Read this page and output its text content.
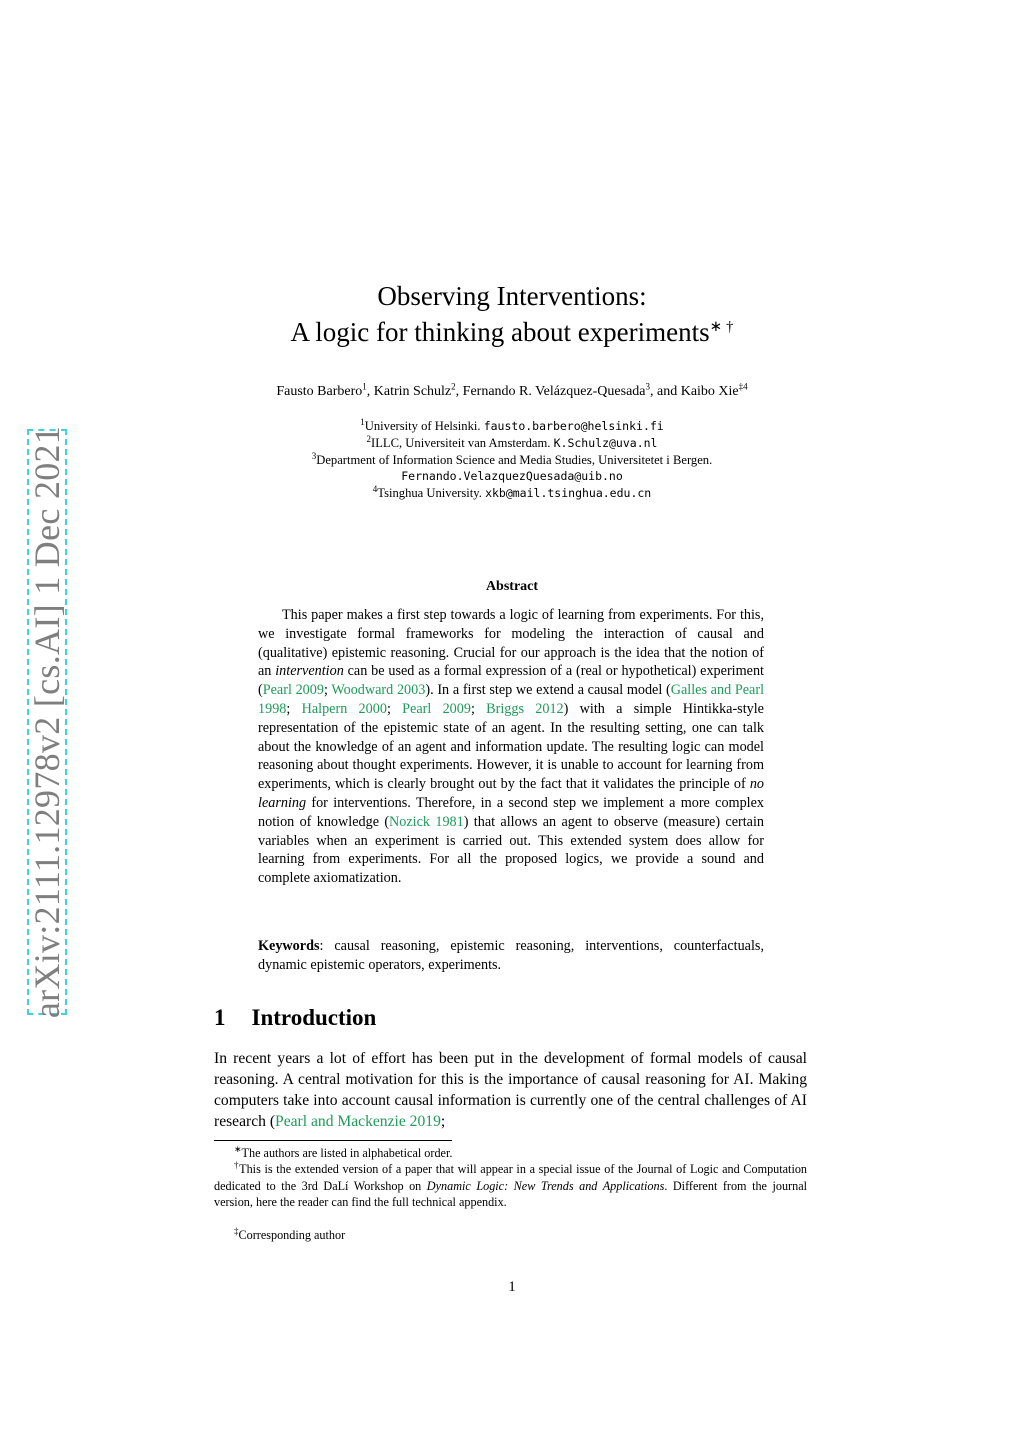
arXiv:2111.12978v2 [cs.AI] 1 Dec 2021
Observing Interventions:
A logic for thinking about experiments∗ †
Fausto Barbero$^1$, Katrin Schulz$^2$, Fernando R. Velázquez-Quesada$^3$, and Kaibo Xie$^{\ddagger 4}$
$^1$University of Helsinki. fausto.barbero@helsinki.fi
$^2$ILLC, Universiteit van Amsterdam. K.Schulz@uva.nl
$^3$Department of Information Science and Media Studies, Universitetet i Bergen.
Fernando.VelazquezQuesada@uib.no
$^4$Tsinghua University. xkb@mail.tsinghua.edu.cn
Abstract
This paper makes a first step towards a logic of learning from experiments. For this, we investigate formal frameworks for modeling the interaction of causal and (qualitative) epistemic reasoning. Crucial for our approach is the idea that the notion of an intervention can be used as a formal expression of a (real or hypothetical) experiment (Pearl 2009; Woodward 2003). In a first step we extend a causal model (Galles and Pearl 1998; Halpern 2000; Pearl 2009; Briggs 2012) with a simple Hintikka-style representation of the epistemic state of an agent. In the resulting setting, one can talk about the knowledge of an agent and information update. The resulting logic can model reasoning about thought experiments. However, it is unable to account for learning from experiments, which is clearly brought out by the fact that it validates the principle of no learning for interventions. Therefore, in a second step we implement a more complex notion of knowledge (Nozick 1981) that allows an agent to observe (measure) certain variables when an experiment is carried out. This extended system does allow for learning from experiments. For all the proposed logics, we provide a sound and complete axiomatization.
Keywords: causal reasoning, epistemic reasoning, interventions, counterfactuals, dynamic epistemic operators, experiments.
1 Introduction
In recent years a lot of effort has been put in the development of formal models of causal reasoning. A central motivation for this is the importance of causal reasoning for AI. Making computers take into account causal information is currently one of the central challenges of AI research (Pearl and Mackenzie 2019;
∗The authors are listed in alphabetical order.
†This is the extended version of a paper that will appear in a special issue of the Journal of Logic and Computation dedicated to the 3rd DaLí Workshop on Dynamic Logic: New Trends and Applications. Different from the journal version, here the reader can find the full technical appendix.
‡Corresponding author
1
